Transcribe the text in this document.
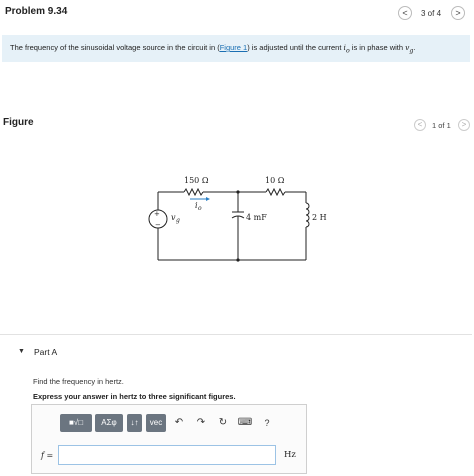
Problem 9.34	<	3 of 4	>
The frequency of the sinusoidal voltage source in the circuit in (Figure 1) is adjusted until the current $i_o$ is in phase with $v_g$.
Figure	<	1 of 1	>
150 Ω	10 Ω
4 mF	2 H
+
−
v g
i o
▼ Part A
Find the frequency in hertz.
Express your answer in hertz to three significant figures.
■√□	ΑΣφ	↓↑	vec	↶ ↷ ↻ ⌨	?
f =	Hz
